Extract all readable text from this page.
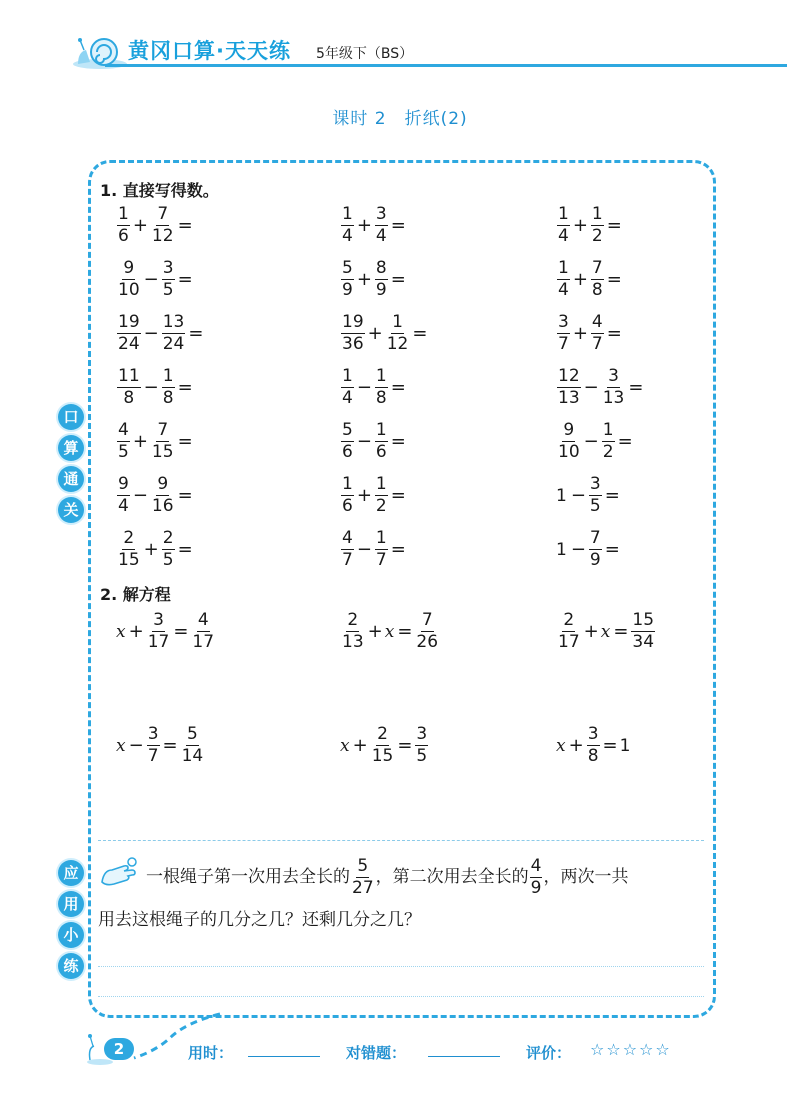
黄冈口算·天天练 5年级下（BS）
课时 2　折纸(2)
口
算
通
关
应
用
小
练
1. 直接写得数。
$\frac{1}{6} + \frac{7}{12}$ =	$\frac{1}{4} + \frac{3}{4}$ =	$\frac{1}{4} + \frac{1}{2}$ =
$\frac{9}{10} - \frac{3}{5}$ =	$\frac{5}{9} + \frac{8}{9}$ =	$\frac{1}{4} + \frac{7}{8}$ =
$\frac{19}{24} - \frac{13}{24}$ =	$\frac{19}{36} + \frac{1}{12}$ =	$\frac{3}{7} + \frac{4}{7}$ =
$\frac{11}{8} - \frac{1}{8}$ =	$\frac{1}{4} - \frac{1}{8}$ =	$\frac{12}{13} - \frac{3}{13}$ =
$\frac{4}{5} + \frac{7}{15}$ =	$\frac{5}{6} - \frac{1}{6}$ =	$\frac{9}{10} - \frac{1}{2}$ =
$\frac{9}{4} - \frac{9}{16}$ =	$\frac{1}{6} + \frac{1}{2}$ =	$1 - \frac{3}{5}$ =
$\frac{2}{15} + \frac{2}{5}$ =	$\frac{4}{7} - \frac{1}{7}$ =	$1 - \frac{7}{9}$ =
2. 解方程
$x + \frac{3}{17} = \frac{4}{17}$	$\frac{2}{13} + x = \frac{7}{26}$	$\frac{2}{17} + x = \frac{15}{34}$
$x - \frac{3}{7} = \frac{5}{14}$	$x + \frac{2}{15} = \frac{3}{5}$	$x + \frac{3}{8} = 1$
一根绳子第一次用去全长的 $\frac{5}{27}$ ，第二次用去全长的 $\frac{4}{9}$ ，两次一共
用去这根绳子的几分之几？还剩几分之几？
2	用时：	对错题：	评价： ☆☆☆☆☆
